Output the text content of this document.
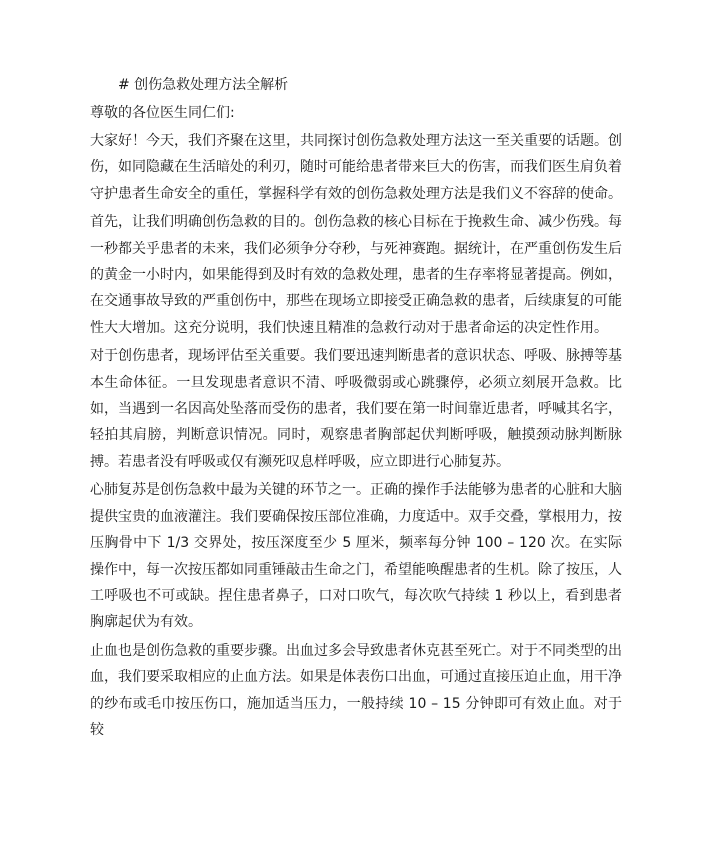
# 创伤急救处理方法全解析

尊敬的各位医生同仁们:

大家好！今天，我们齐聚在这里，共同探讨创伤急救处理方法这一至关重要的话题。创伤，如同隐藏在生活暗处的利刃，随时可能给患者带来巨大的伤害，而我们医生肩负着守护患者生命安全的重任，掌握科学有效的创伤急救处理方法是我们义不容辞的使命。

首先，让我们明确创伤急救的目的。创伤急救的核心目标在于挽救生命、减少伤残。每一秒都关乎患者的未来，我们必须争分夺秒，与死神赛跑。据统计，在严重创伤发生后的黄金一小时内，如果能得到及时有效的急救处理，患者的生存率将显著提高。例如，在交通事故导致的严重创伤中，那些在现场立即接受正确急救的患者，后续康复的可能性大大增加。这充分说明，我们快速且精准的急救行动对于患者命运的决定性作用。

对于创伤患者，现场评估至关重要。我们要迅速判断患者的意识状态、呼吸、脉搏等基本生命体征。一旦发现患者意识不清、呼吸微弱或心跳骤停，必须立刻展开急救。比如，当遇到一名因高处坠落而受伤的患者，我们要在第一时间靠近患者，呼喊其名字，轻拍其肩膀，判断意识情况。同时，观察患者胸部起伏判断呼吸，触摸颈动脉判断脉搏。若患者没有呼吸或仅有濒死叹息样呼吸，应立即进行心肺复苏。

心肺复苏是创伤急救中最为关键的环节之一。正确的操作手法能够为患者的心脏和大脑提供宝贵的血液灌注。我们要确保按压部位准确，力度适中。双手交叠，掌根用力，按压胸骨中下 1/3 交界处，按压深度至少 5 厘米，频率每分钟 100 – 120 次。在实际操作中，每一次按压都如同重锤敲击生命之门，希望能唤醒患者的生机。除了按压，人工呼吸也不可或缺。捏住患者鼻子，口对口吹气，每次吹气持续 1 秒以上，看到患者胸廓起伏为有效。

止血也是创伤急救的重要步骤。出血过多会导致患者休克甚至死亡。对于不同类型的出血，我们要采取相应的止血方法。如果是体表伤口出血，可通过直接压迫止血，用干净的纱布或毛巾按压伤口，施加适当压力，一般持续 10 – 15 分钟即可有效止血。对于较
